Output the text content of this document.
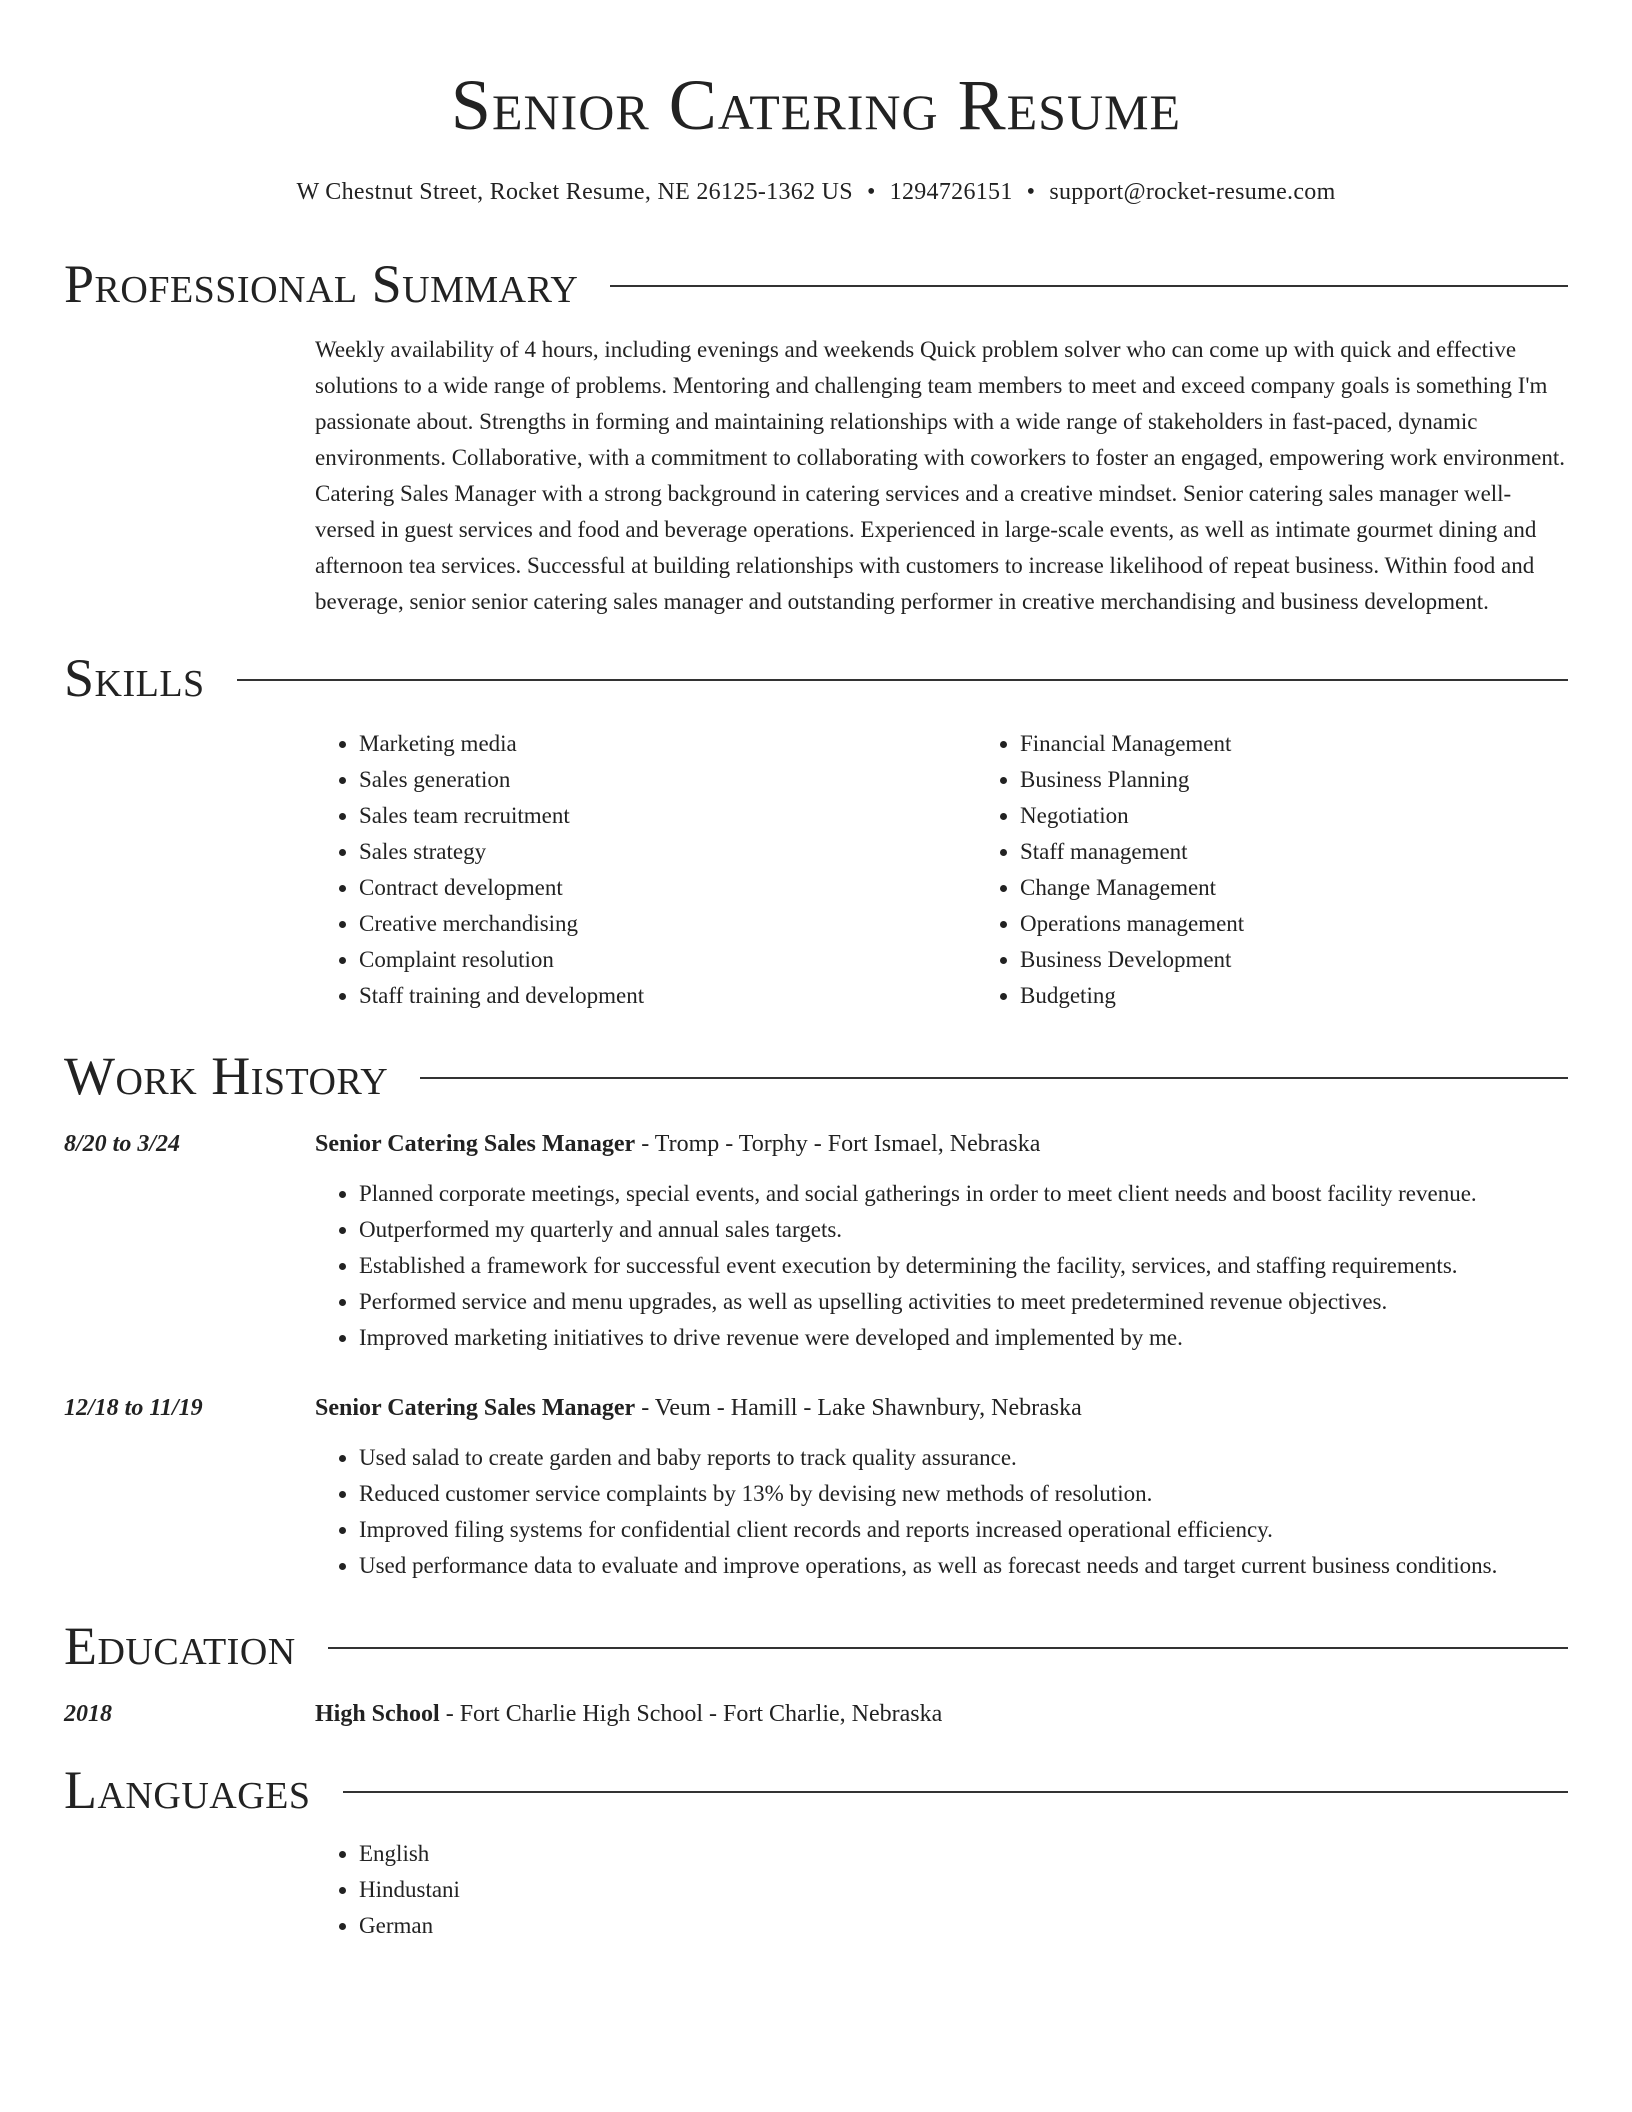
Senior Catering Resume
W Chestnut Street, Rocket Resume, NE 26125-1362 US • 1294726151 • support@rocket-resume.com
Professional Summary

Weekly availability of 4 hours, including evenings and weekends Quick problem solver who can come up with quick and effective solutions to a wide range of problems. Mentoring and challenging team members to meet and exceed company goals is something I'm passionate about. Strengths in forming and maintaining relationships with a wide range of stakeholders in fast-paced, dynamic environments. Collaborative, with a commitment to collaborating with coworkers to foster an engaged, empowering work environment. Catering Sales Manager with a strong background in catering services and a creative mindset. Senior catering sales manager well-versed in guest services and food and beverage operations. Experienced in large-scale events, as well as intimate gourmet dining and afternoon tea services. Successful at building relationships with customers to increase likelihood of repeat business. Within food and beverage, senior senior catering sales manager and outstanding performer in creative merchandising and business development.

Skills
• Marketing media
• Sales generation
• Sales team recruitment
• Sales strategy
• Contract development
• Creative merchandising
• Complaint resolution
• Staff training and development
• Financial Management
• Business Planning
• Negotiation
• Staff management
• Change Management
• Operations management
• Business Development
• Budgeting
Work History
8/20 to 3/24	Senior Catering Sales Manager - Tromp - Torphy - Fort Ismael, Nebraska
• Planned corporate meetings, special events, and social gatherings in order to meet client needs and boost facility revenue.
• Outperformed my quarterly and annual sales targets.
• Established a framework for successful event execution by determining the facility, services, and staffing requirements.
• Performed service and menu upgrades, as well as upselling activities to meet predetermined revenue objectives.
• Improved marketing initiatives to drive revenue were developed and implemented by me.
12/18 to 11/19	Senior Catering Sales Manager - Veum - Hamill - Lake Shawnbury, Nebraska
• Used salad to create garden and baby reports to track quality assurance.
• Reduced customer service complaints by 13% by devising new methods of resolution.
• Improved filing systems for confidential client records and reports increased operational efficiency.
• Used performance data to evaluate and improve operations, as well as forecast needs and target current business conditions.
Education
2018	High School - Fort Charlie High School - Fort Charlie, Nebraska
Languages
• English
• Hindustani
• German
